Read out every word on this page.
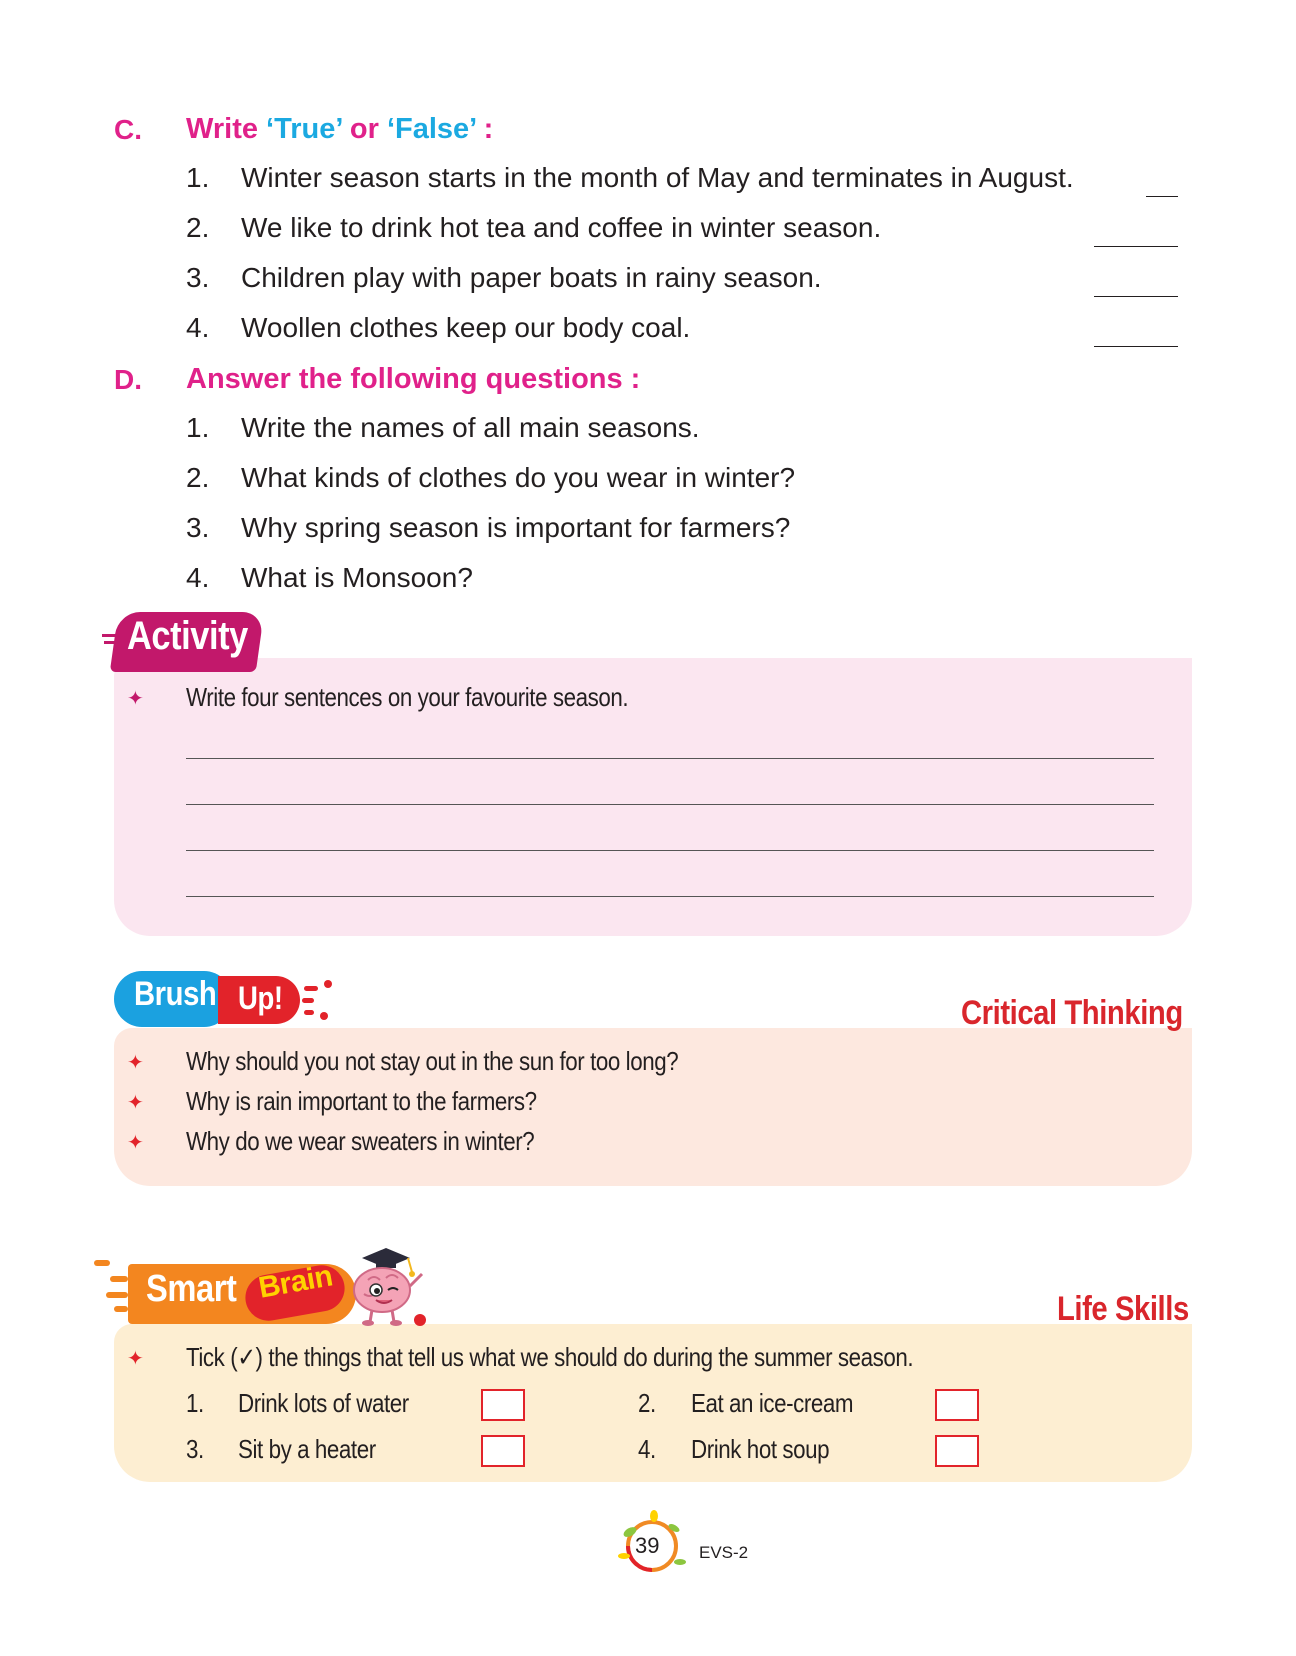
C. Write ‘True’ or ‘False’ :
1. Winter season starts in the month of May and terminates in August.
2. We like to drink hot tea and coffee in winter season.
3. Children play with paper boats in rainy season.
4. Woollen clothes keep our body coal.
D. Answer the following questions :
1. Write the names of all main seasons.
2. What kinds of clothes do you wear in winter?
3. Why spring season is important for farmers?
4. What is Monsoon?
Activity
✦ Write four sentences on your favourite season.
Brush Up!	Critical Thinking
✦ Why should you not stay out in the sun for too long?
✦ Why is rain important to the farmers?
✦ Why do we wear sweaters in winter?
Smart Brain
Life Skills
✦ Tick (✓) the things that tell us what we should do during the summer season.
1. Drink lots of water	2. Eat an ice-cream
3. Sit by a heater	4. Drink hot soup
39 EVS-2
